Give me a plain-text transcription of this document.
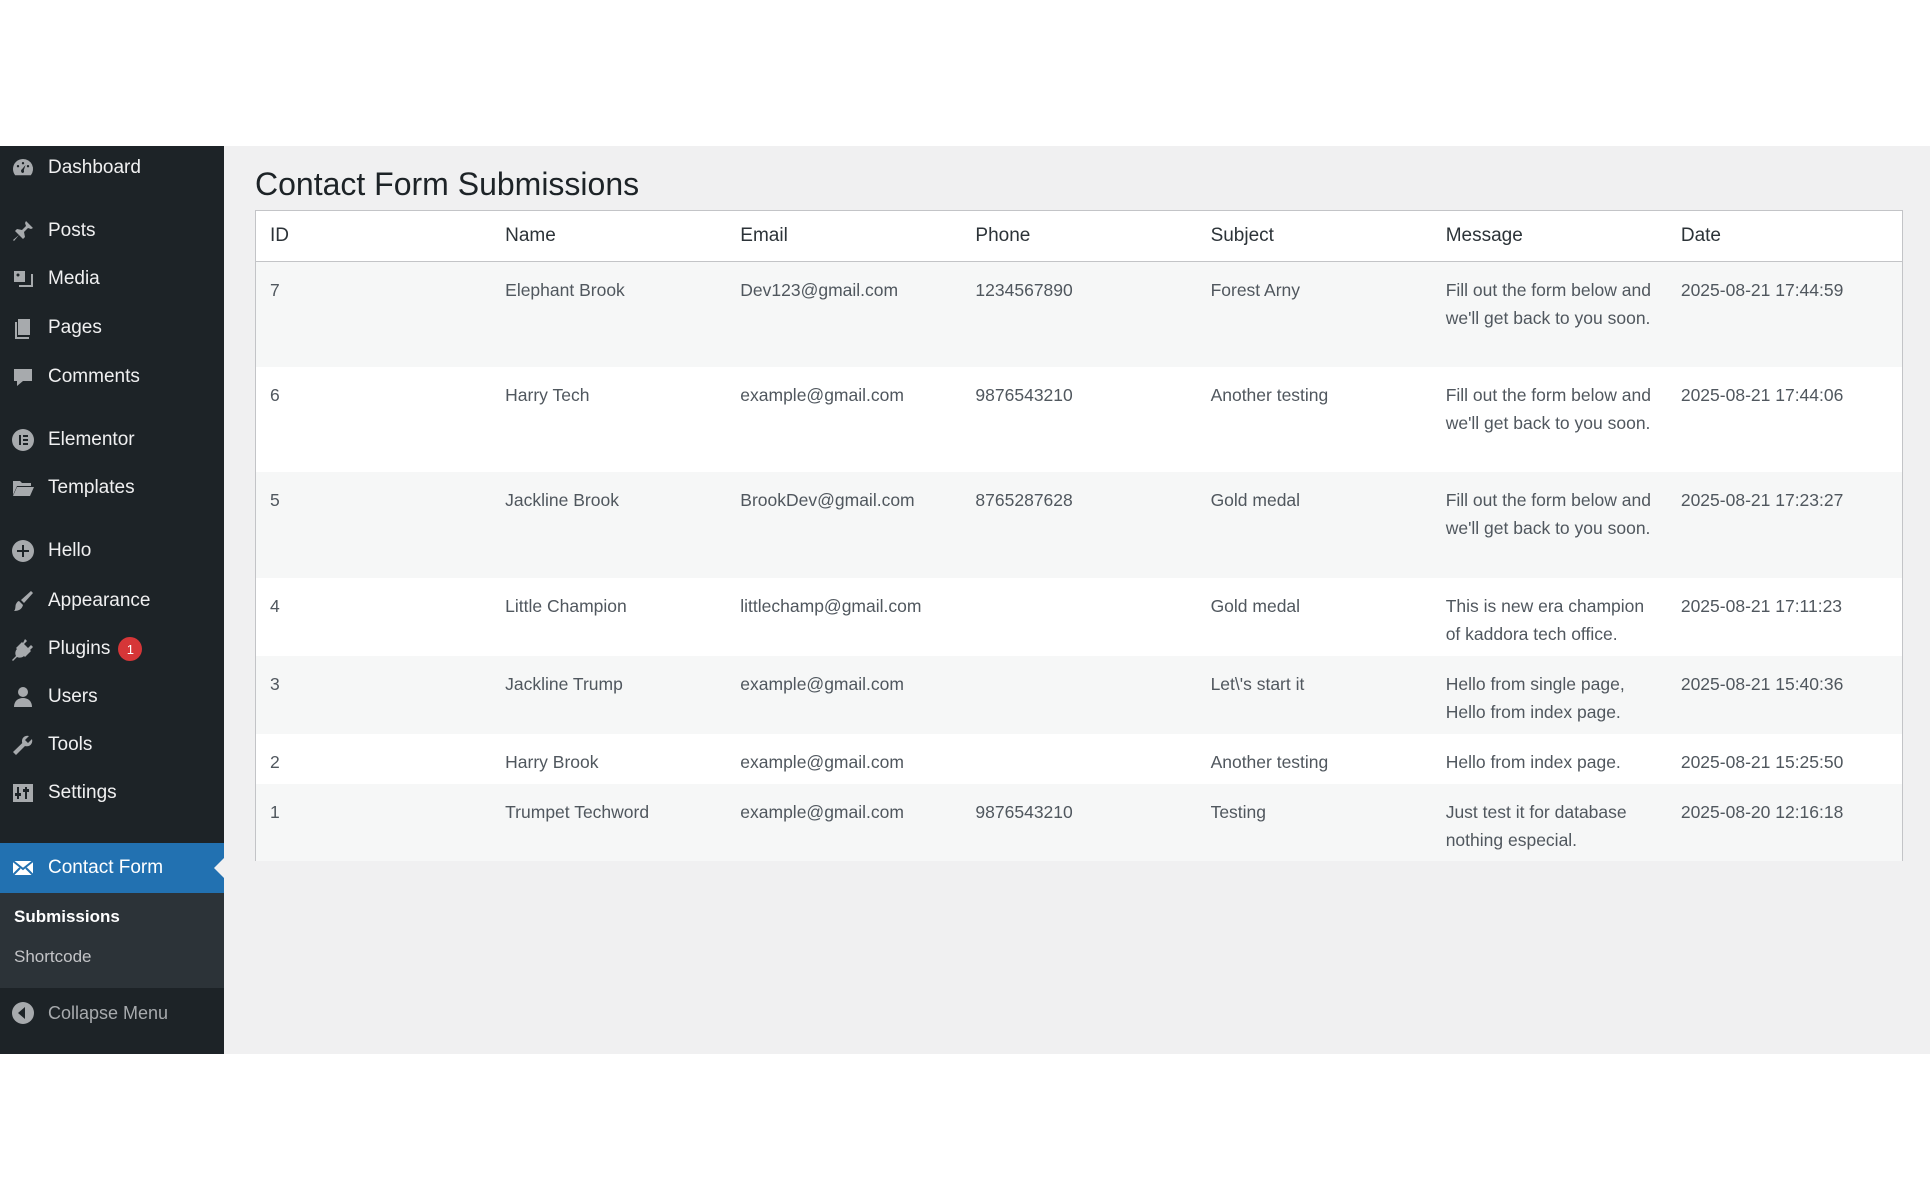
Dashboard
Posts
Media
Pages
Comments
Elementor
Templates
Hello
Appearance
Plugins	1
Users
Tools
Settings
Contact Form
Submissions
Shortcode
Collapse Menu
Contact Form Submissions
ID	Name	Email	Phone	Subject	Message	Date
7	Elephant Brook	Dev123@gmail.com	1234567890	Forest Arny	Fill out the form below and we'll get back to you soon.	2025-08-21 17:44:59
6	Harry Tech	example@gmail.com	9876543210	Another testing	Fill out the form below and we'll get back to you soon.	2025-08-21 17:44:06
5	Jackline Brook	BrookDev@gmail.com	8765287628	Gold medal	Fill out the form below and we'll get back to you soon.	2025-08-21 17:23:27
4	Little Champion	littlechamp@gmail.com		Gold medal	This is new era champion of kaddora tech office.	2025-08-21 17:11:23
3	Jackline Trump	example@gmail.com		Let\'s start it	Hello from single page, Hello from index page.	2025-08-21 15:40:36
2	Harry Brook	example@gmail.com		Another testing	Hello from index page.	2025-08-21 15:25:50
1	Trumpet Techword	example@gmail.com	9876543210	Testing	Just test it for database nothing especial.	2025-08-20 12:16:18
